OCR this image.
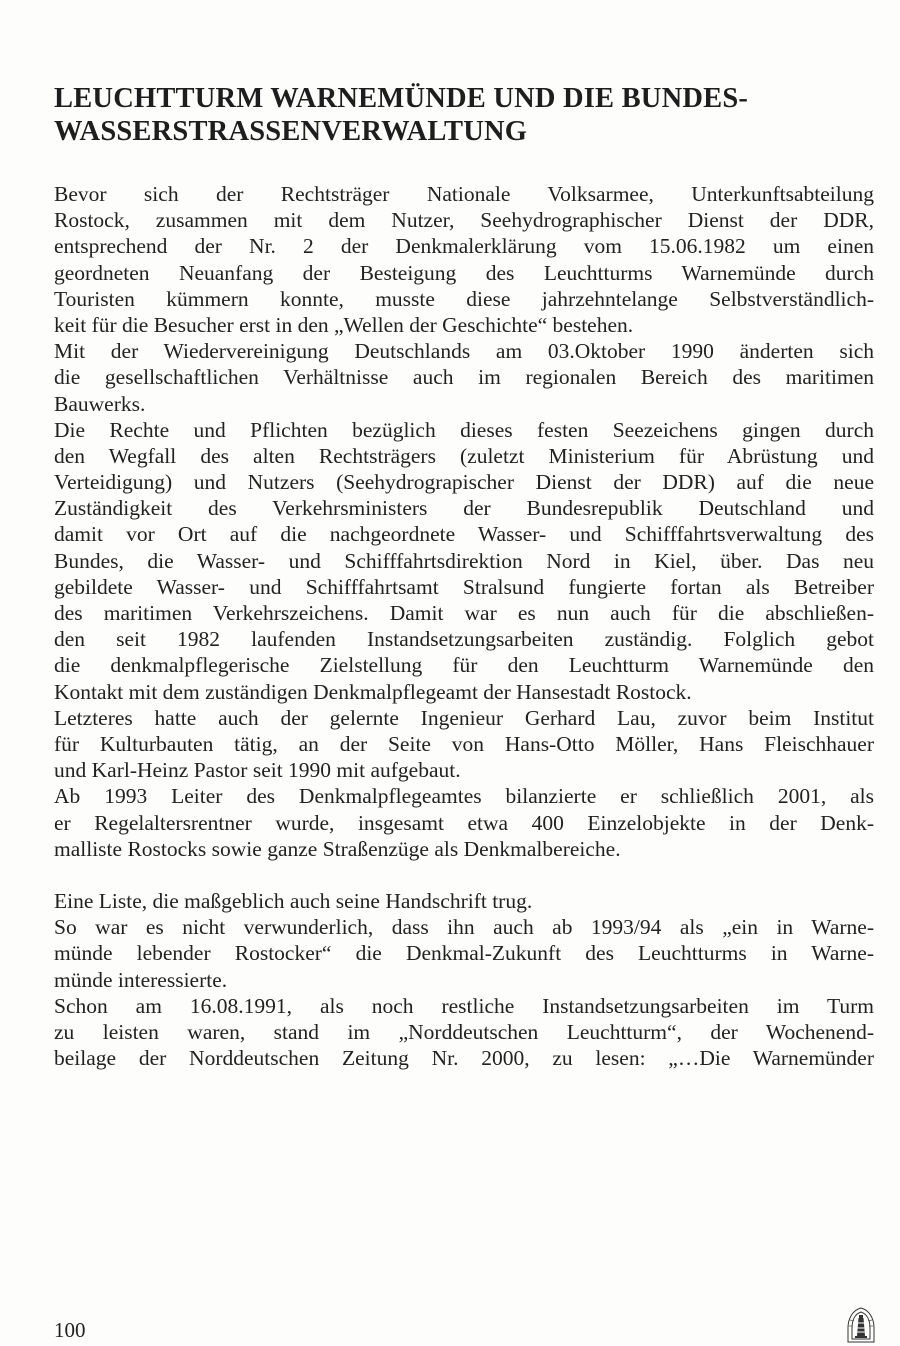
LEUCHTTURM WARNEMÜNDE UND DIE BUNDES-
WASSERSTRASSENVERWALTUNG
Bevor sich der Rechtsträger Nationale Volksarmee, Unterkunftsabteilung
Rostock, zusammen mit dem Nutzer, Seehydrographischer Dienst der DDR,
entsprechend der Nr. 2 der Denkmalerklärung vom 15.06.1982 um einen
geordneten Neuanfang der Besteigung des Leuchtturms Warnemünde durch
Touristen kümmern konnte, musste diese jahrzehntelange Selbstverständlich-
keit für die Besucher erst in den „Wellen der Geschichte“ bestehen.
Mit der Wiedervereinigung Deutschlands am 03.Oktober 1990 änderten sich
die gesellschaftlichen Verhältnisse auch im regionalen Bereich des maritimen
Bauwerks.
Die Rechte und Pflichten bezüglich dieses festen Seezeichens gingen durch
den Wegfall des alten Rechtsträgers (zuletzt Ministerium für Abrüstung und
Verteidigung) und Nutzers (Seehydrograpischer Dienst der DDR) auf die neue
Zuständigkeit des Verkehrsministers der Bundesrepublik Deutschland und
damit vor Ort auf die nachgeordnete Wasser- und Schifffahrtsverwaltung des
Bundes, die Wasser- und Schifffahrtsdirektion Nord in Kiel, über. Das neu
gebildete Wasser- und Schifffahrtsamt Stralsund fungierte fortan als Betreiber
des maritimen Verkehrszeichens. Damit war es nun auch für die abschließen-
den seit 1982 laufenden Instandsetzungsarbeiten zuständig. Folglich gebot
die denkmalpflegerische Zielstellung für den Leuchtturm Warnemünde den
Kontakt mit dem zuständigen Denkmalpflegeamt der Hansestadt Rostock.
Letzteres hatte auch der gelernte Ingenieur Gerhard Lau, zuvor beim Institut
für Kulturbauten tätig, an der Seite von Hans-Otto Möller, Hans Fleischhauer
und Karl-Heinz Pastor seit 1990 mit aufgebaut.
Ab 1993 Leiter des Denkmalpflegeamtes bilanzierte er schließlich 2001, als
er Regelaltersrentner wurde, insgesamt etwa 400 Einzelobjekte in der Denk-
malliste Rostocks sowie ganze Straßenzüge als Denkmalbereiche.
Eine Liste, die maßgeblich auch seine Handschrift trug.
So war es nicht verwunderlich, dass ihn auch ab 1993/94 als „ein in Warne-
münde lebender Rostocker“ die Denkmal-Zukunft des Leuchtturms in Warne-
münde interessierte.
Schon am 16.08.1991, als noch restliche Instandsetzungsarbeiten im Turm
zu leisten waren, stand im „Norddeutschen Leuchtturm“, der Wochenend-
beilage der Norddeutschen Zeitung Nr. 2000, zu lesen: „…Die Warnemünder
100
